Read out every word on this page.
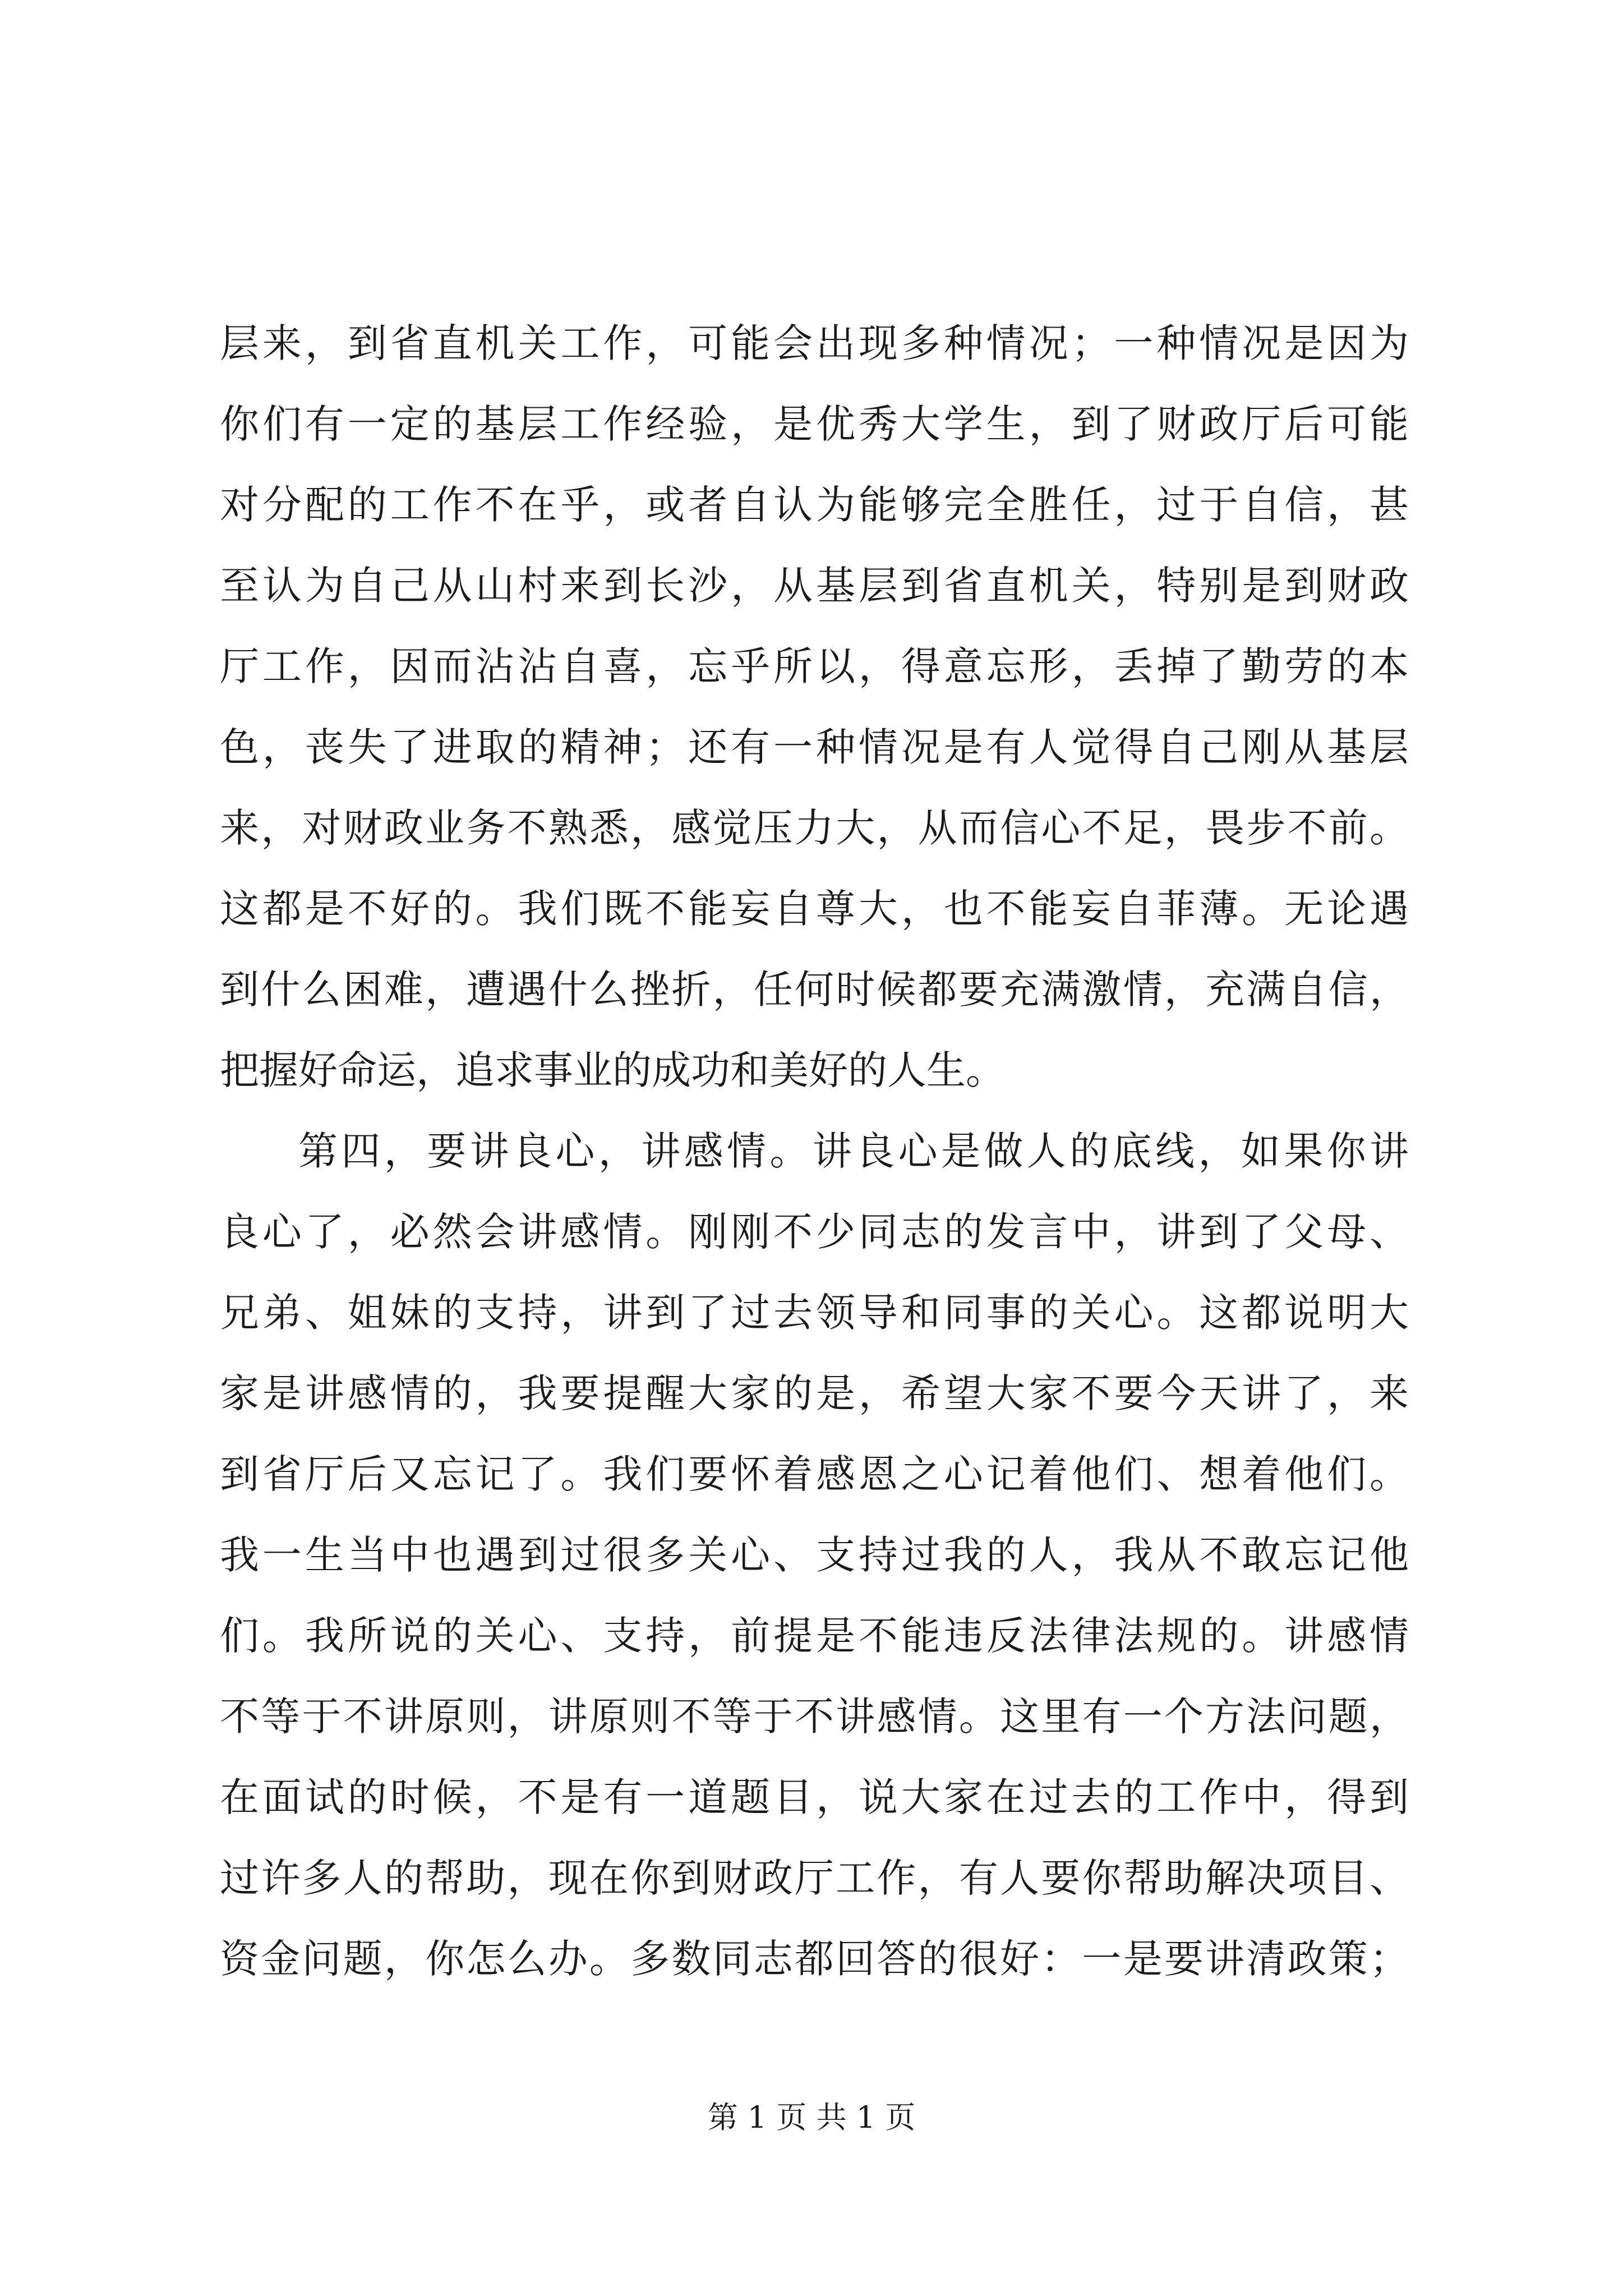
层来，到省直机关工作，可能会出现多种情况；一种情况是因为
你们有一定的基层工作经验，是优秀大学生，到了财政厅后可能
对分配的工作不在乎，或者自认为能够完全胜任，过于自信，甚
至认为自己从山村来到长沙，从基层到省直机关，特别是到财政
厅工作，因而沾沾自喜，忘乎所以，得意忘形，丢掉了勤劳的本
色，丧失了进取的精神；还有一种情况是有人觉得自己刚从基层
来，对财政业务不熟悉，感觉压力大，从而信心不足，畏步不前。
这都是不好的。我们既不能妄自尊大，也不能妄自菲薄。无论遇
到什么困难，遭遇什么挫折，任何时候都要充满激情，充满自信，
把握好命运，追求事业的成功和美好的人生。
第四，要讲良心，讲感情。讲良心是做人的底线，如果你讲
良心了，必然会讲感情。刚刚不少同志的发言中，讲到了父母、
兄弟、姐妹的支持，讲到了过去领导和同事的关心。这都说明大
家是讲感情的，我要提醒大家的是，希望大家不要今天讲了，来
到省厅后又忘记了。我们要怀着感恩之心记着他们、想着他们。
我一生当中也遇到过很多关心、支持过我的人，我从不敢忘记他
们。我所说的关心、支持，前提是不能违反法律法规的。讲感情
不等于不讲原则，讲原则不等于不讲感情。这里有一个方法问题，
在面试的时候，不是有一道题目，说大家在过去的工作中，得到
过许多人的帮助，现在你到财政厅工作，有人要你帮助解决项目、
资金问题，你怎么办。多数同志都回答的很好：一是要讲清政策；
第 1 页 共 1 页
